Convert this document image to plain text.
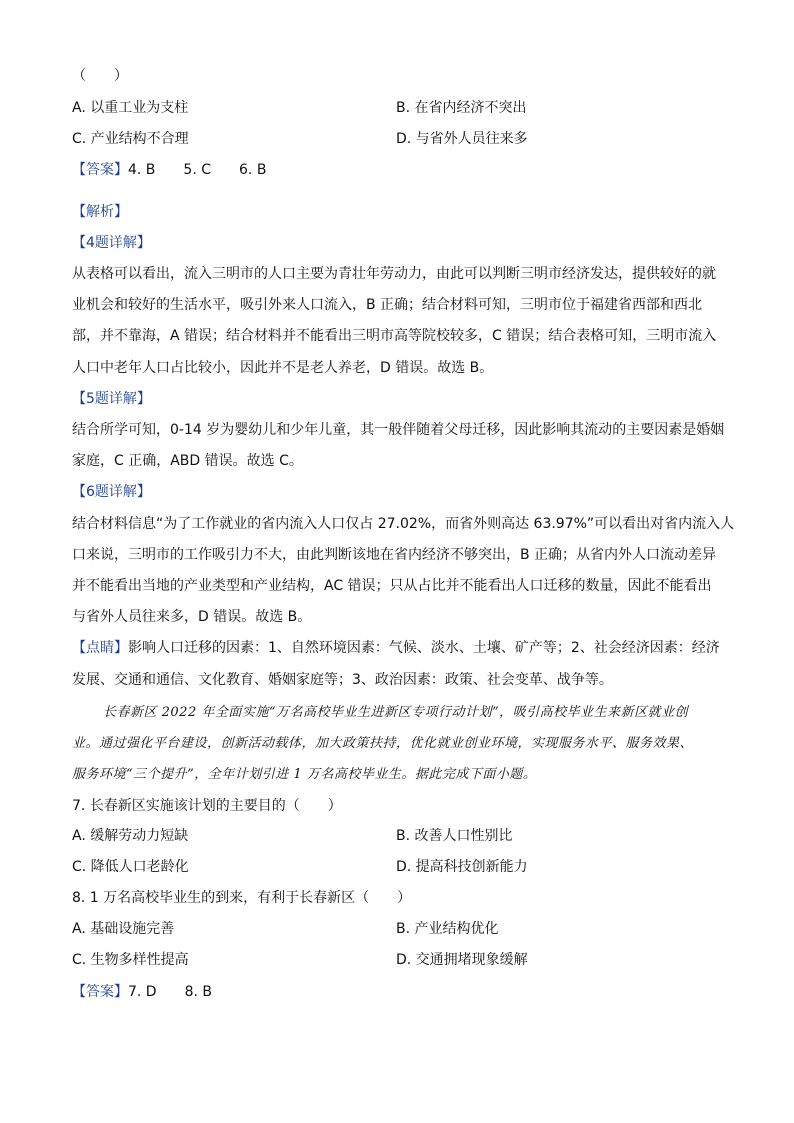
（　　）
A. 以重工业为支柱	B. 在省内经济不突出
C. 产业结构不合理	D. 与省外人员往来多
【答案】4. B 5. C 6. B
【解析】
【4题详解】
从表格可以看出，流入三明市的人口主要为青壮年劳动力，由此可以判断三明市经济发达，提供较好的就
业机会和较好的生活水平，吸引外来人口流入，B 正确；结合材料可知，三明市位于福建省西部和西北
部，并不靠海，A 错误；结合材料并不能看出三明市高等院校较多，C 错误；结合表格可知，三明市流入
人口中老年人口占比较小，因此并不是老人养老，D 错误。故选 B。
【5题详解】
结合所学可知，0-14 岁为婴幼儿和少年儿童，其一般伴随着父母迁移，因此影响其流动的主要因素是婚姻
家庭，C 正确，ABD 错误。故选 C。
【6题详解】
结合材料信息“为了工作就业的省内流入人口仅占 27.02%，而省外则高达 63.97%”可以看出对省内流入人
口来说，三明市的工作吸引力不大，由此判断该地在省内经济不够突出，B 正确；从省内外人口流动差异
并不能看出当地的产业类型和产业结构，AC 错误；只从占比并不能看出人口迁移的数量，因此不能看出
与省外人员往来多，D 错误。故选 B。
【点睛】影响人口迁移的因素：1、自然环境因素：气候、淡水、土壤、矿产等；2、社会经济因素：经济
发展、交通和通信、文化教育、婚姻家庭等；3、政治因素：政策、社会变革、战争等。
长春新区 2022 年全面实施“万名高校毕业生进新区专项行动计划”，吸引高校毕业生来新区就业创
业。通过强化平台建设，创新活动载体，加大政策扶持，优化就业创业环境，实现服务水平、服务效果、
服务环境“三个提升”，全年计划引进 1 万名高校毕业生。据此完成下面小题。
7. 长春新区实施该计划的主要目的（　　）
A. 缓解劳动力短缺	B. 改善人口性别比
C. 降低人口老龄化	D. 提高科技创新能力
8. 1 万名高校毕业生的到来，有利于长春新区（　　）
A. 基础设施完善	B. 产业结构优化
C. 生物多样性提高	D. 交通拥堵现象缓解
【答案】7. D 8. B
